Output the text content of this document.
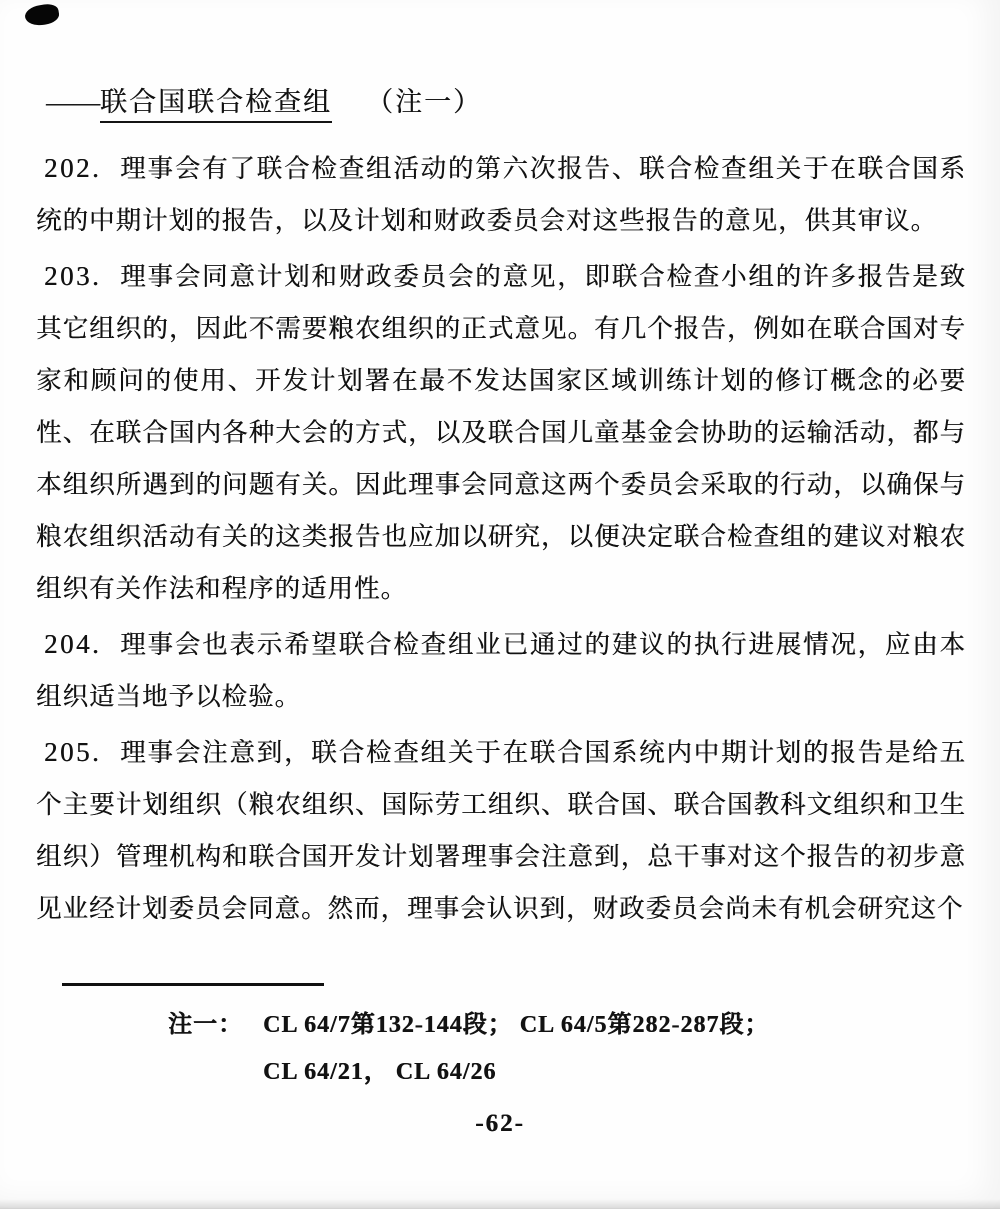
——联合国联合检查组 （注一）

202. 理事会有了联合检查组活动的第六次报告、联合检查组关于在联合国系统的中期计划的报告，以及计划和财政委员会对这些报告的意见，供其审议。

203. 理事会同意计划和财政委员会的意见，即联合检查小组的许多报告是致其它组织的，因此不需要粮农组织的正式意见。有几个报告，例如在联合国对专家和顾问的使用、开发计划署在最不发达国家区域训练计划的修订概念的必要性、在联合国内各种大会的方式，以及联合国儿童基金会协助的运输活动，都与本组织所遇到的问题有关。因此理事会同意这两个委员会采取的行动，以确保与粮农组织活动有关的这类报告也应加以研究，以便决定联合检查组的建议对粮农组织有关作法和程序的适用性。

204. 理事会也表示希望联合检查组业已通过的建议的执行进展情况，应由本组织适当地予以检验。

205. 理事会注意到，联合检查组关于在联合国系统内中期计划的报告是给五个主要计划组织（粮农组织、国际劳工组织、联合国、联合国教科文组织和卫生组织）管理机构和联合国开发计划署理事会注意到，总干事对这个报告的初步意见业经计划委员会同意。然而，理事会认识到，财政委员会尚未有机会研究这个

注一： CL 64/7第132-144段； CL 64/5第282-287段；
CL 64/21， CL 64/26
-62-
